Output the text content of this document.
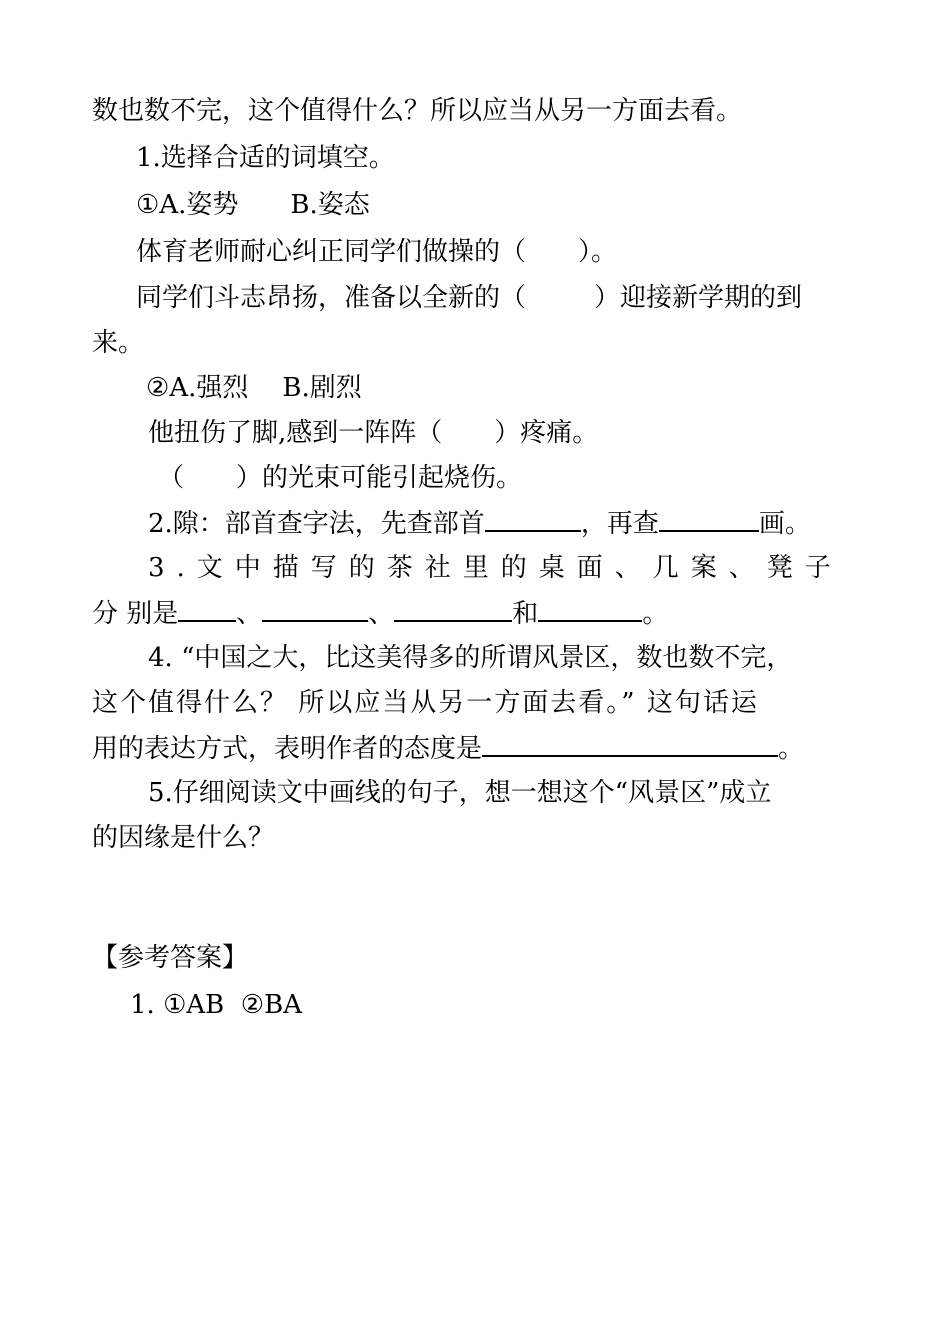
数也数不完，这个值得什么？所以应当从另一方面去看。
1.选择合适的词填空。
①A.姿势 B.姿态
体育老师耐心纠正同学们做操的（ ）。
同学们斗志昂扬，准备以全新的（	）迎接新学期的到
来。
②A.强烈 B.剧烈
他扭伤了脚,感到一阵阵（ ）疼痛。
（ ）的光束可能引起烧伤。
2.隙：部首查字法，先查部首	，再查	画。
3.文中描写的茶社里的桌面、几案、凳子
分 别是 、	、	和	。
4. “中国之大，比这美得多的所谓风景区，数也数不完，
这个值得什么？ 所以应当从另一方面去看。” 这句话运
用的表达方式，表明作者的态度是	。
5.仔细阅读文中画线的句子，想一想这个“风景区”成立
的因缘是什么？
【参考答案】
1. ①AB  ②BA
